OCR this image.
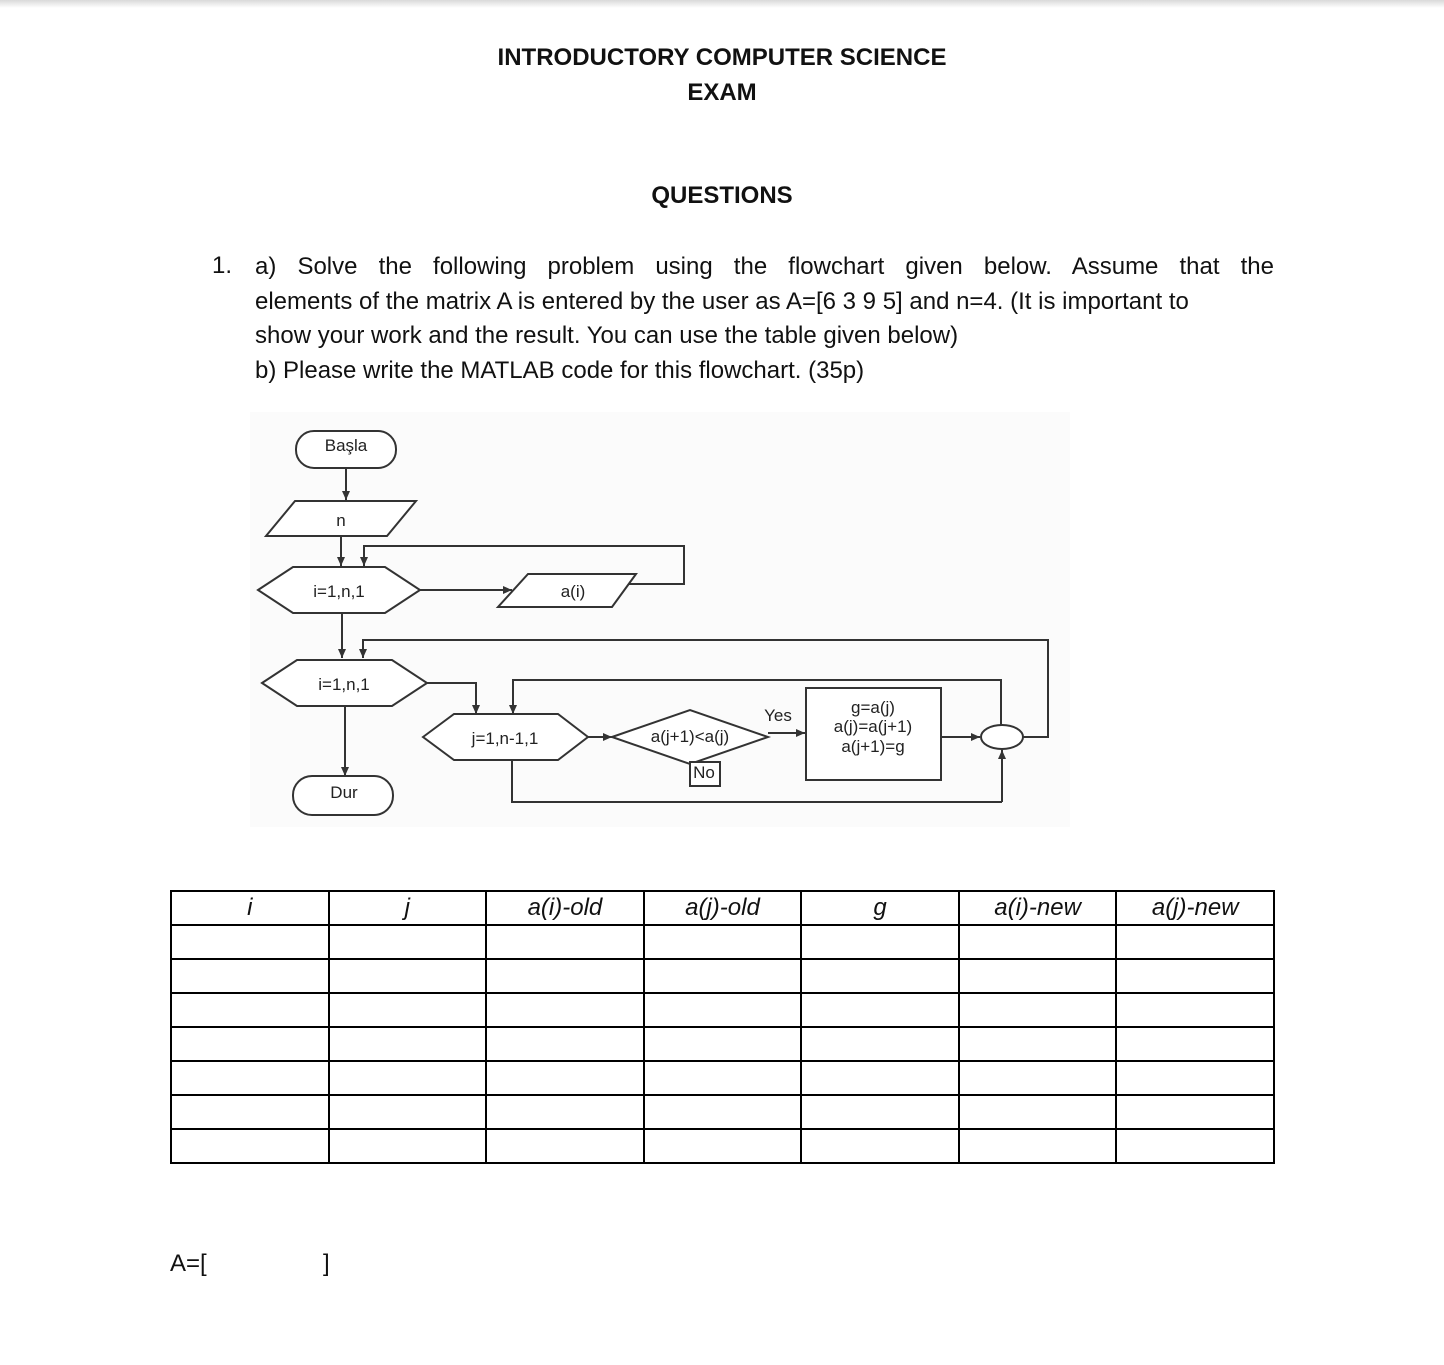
INTRODUCTORY COMPUTER SCIENCE
EXAM
QUESTIONS
1. a) Solve the following problem using the flowchart given below. Assume that the
elements of the matrix A is entered by the user as A=[6 3 9 5] and n=4. (It is important to
show your work and the result. You can use the table given below)
b) Please write the MATLAB code for this flowchart. (35p)
Başla
n
i=1,n,1	a(i)
i=1,n,1
j=1,n-1,1	a(j+1)<a(j)
Yes
No
g=a(j)
a(j)=a(j+1)
a(j+1)=g
Dur
i	j	a(i)-old	a(j)-old	g	a(i)-new	a(j)-new

A=[	]
